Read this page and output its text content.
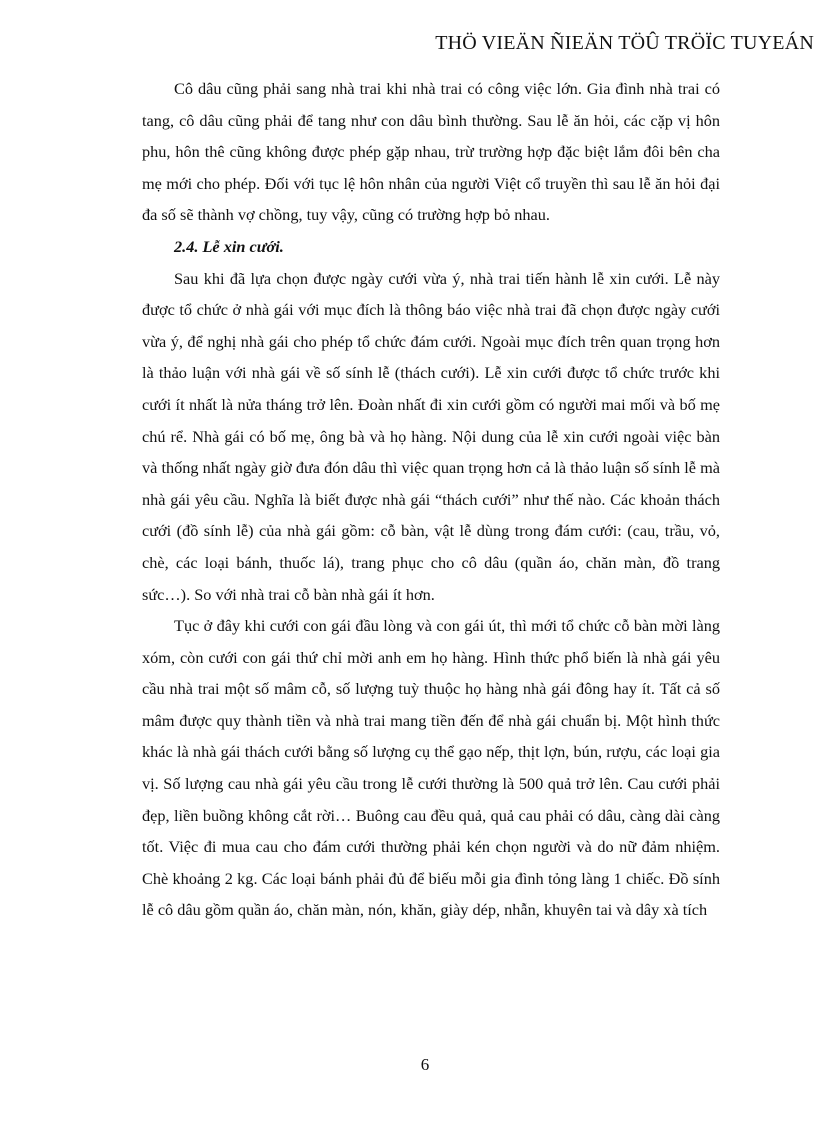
THÖ VIEÄN ÑIEÄN TÖÛ TRÖÏC TUYEÁN

Cô dâu cũng phải sang nhà trai khi nhà trai có công việc lớn. Gia đình nhà trai có tang, cô dâu cũng phải để tang như con dâu bình thường. Sau lễ ăn hỏi, các cặp vị hôn phu, hôn thê cũng không được phép gặp nhau, trừ trường hợp đặc biệt lắm đôi bên cha mẹ mới cho phép. Đối với tục lệ hôn nhân của người Việt cổ truyền thì sau lễ ăn hỏi đại đa số sẽ thành vợ chồng, tuy vậy, cũng có trường hợp bỏ nhau.

2.4. Lễ xin cưới.

Sau khi đã lựa chọn được ngày cưới vừa ý, nhà trai tiến hành lễ xin cưới. Lễ này được tổ chức ở nhà gái với mục đích là thông báo việc nhà trai đã chọn được ngày cưới vừa ý, để nghị nhà gái cho phép tổ chức đám cưới. Ngoài mục đích trên quan trọng hơn là thảo luận với nhà gái về số sính lễ (thách cưới). Lễ xin cưới được tổ chức trước khi cưới ít nhất là nửa tháng trở lên. Đoàn nhất đi xin cưới gồm có người mai mối và bố mẹ chú rể. Nhà gái có bố mẹ, ông bà và họ hàng. Nội dung của lễ xin cưới ngoài việc bàn và thống nhất ngày giờ đưa đón dâu thì việc quan trọng hơn cả là thảo luận số sính lễ mà nhà gái yêu cầu. Nghĩa là biết được nhà gái “thách cưới” như thế nào. Các khoản thách cưới (đồ sính lễ) của nhà gái gồm: cỗ bàn, vật lễ dùng trong đám cưới: (cau, trầu, vỏ, chè, các loại bánh, thuốc lá), trang phục cho cô dâu (quần áo, chăn màn, đồ trang sức…). So với nhà trai cỗ bàn nhà gái ít hơn.

Tục ở đây khi cưới con gái đầu lòng và con gái út, thì mới tổ chức cỗ bàn mời làng xóm, còn cưới con gái thứ chỉ mời anh em họ hàng. Hình thức phổ biến là nhà gái yêu cầu nhà trai một số mâm cỗ, số lượng tuỳ thuộc họ hàng nhà gái đông hay ít. Tất cả số mâm được quy thành tiền và nhà trai mang tiền đến để nhà gái chuẩn bị. Một hình thức khác là nhà gái thách cưới bằng số lượng cụ thể gạo nếp, thịt lợn, bún, rượu, các loại gia vị. Số lượng cau nhà gái yêu cầu trong lễ cưới thường là 500 quả trở lên. Cau cưới phải đẹp, liền buồng không cắt rời… Buông cau đều quả, quả cau phải có dâu, càng dài càng tốt. Việc đi mua cau cho đám cưới thường phải kén chọn người và do nữ đảm nhiệm. Chè khoảng 2 kg. Các loại bánh phải đủ để biếu mỗi gia đình tỏng làng 1 chiếc. Đồ sính lễ cô dâu gồm quần áo, chăn màn, nón, khăn, giày dép, nhẫn, khuyên tai và dây xà tích

6
